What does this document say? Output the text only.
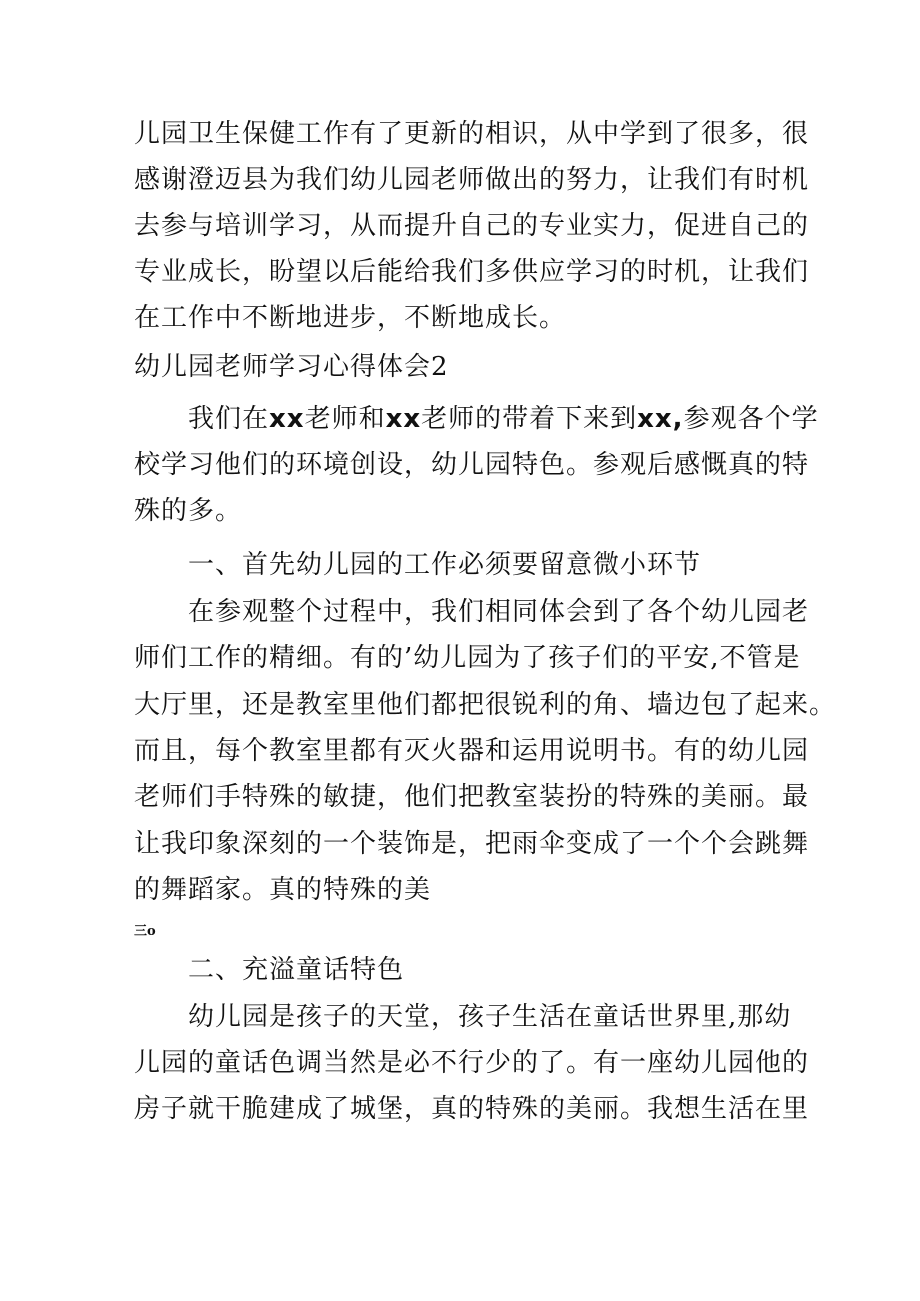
儿园卫生保健工作有了更新的相识，从中学到了很多，很
感谢澄迈县为我们幼儿园老师做出的努力，让我们有时机
去参与培训学习，从而提升自己的专业实力，促进自己的
专业成长，盼望以后能给我们多供应学习的时机，让我们
在工作中不断地进步，不断地成长。
幼儿园老师学习心得体会2
我们在xx老师和xx老师的带着下来到xx,参观各个学
校学习他们的环境创设，幼儿园特色。参观后感慨真的特
殊的多。
一、首先幼儿园的工作必须要留意微小环节
在参观整个过程中，我们相同体会到了各个幼儿园老
师们工作的精细。有的’幼儿园为了孩子们的平安,不管是
大厅里，还是教室里他们都把很锐利的角、墙边包了起来。
而且，每个教室里都有灭火器和运用说明书。有的幼儿园
老师们手特殊的敏捷，他们把教室装扮的特殊的美丽。最
让我印象深刻的一个装饰是，把雨伞变成了一个个会跳舞
的舞蹈家。真的特殊的美
三o
二、充溢童话特色
幼儿园是孩子的天堂，孩子生活在童话世界里,那幼
儿园的童话色调当然是必不行少的了。有一座幼儿园他的
房子就干脆建成了城堡，真的特殊的美丽。我想生活在里
